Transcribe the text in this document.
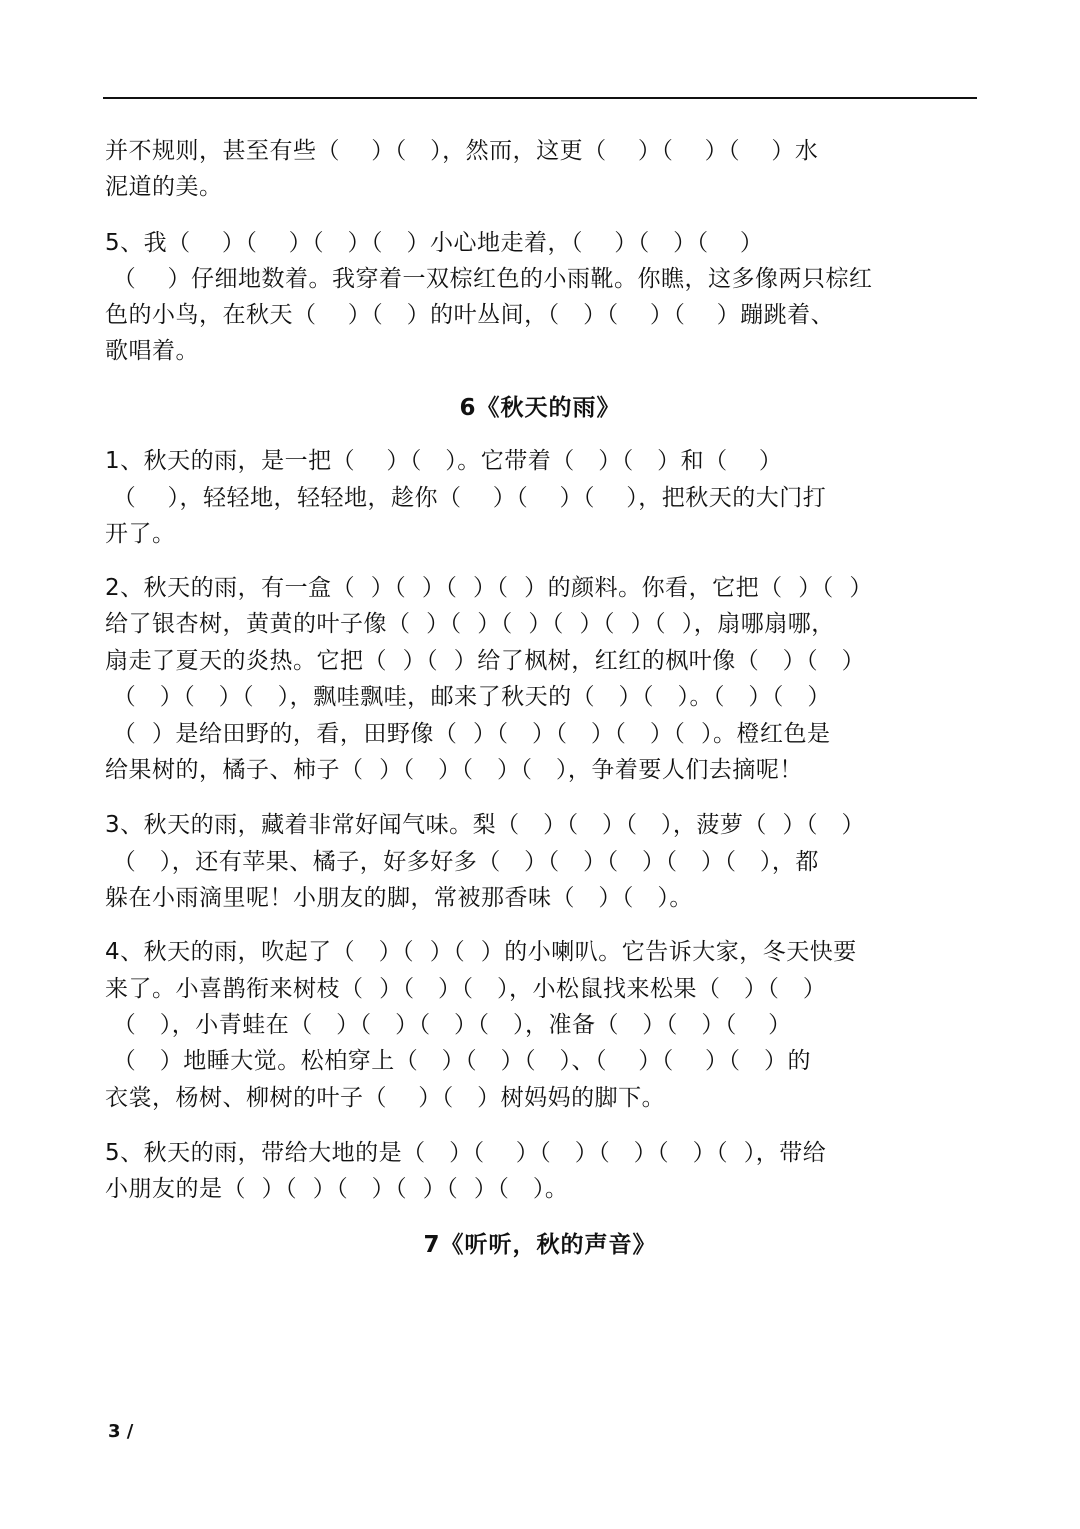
并不规则，甚至有些（    ）（   ），然而，这更（    ）（    ）（    ）水
泥道的美。
5、我（    ）（    ）（   ）（   ）小心地走着，（    ）（   ）（    ）
（    ）仔细地数着。我穿着一双棕红色的小雨靴。你瞧，这多像两只棕红
色的小鸟，在秋天（    ）（   ）的叶丛间，（   ）（    ）（    ）蹦跳着、
歌唱着。
6《秋天的雨》
1、秋天的雨，是一把（    ）（   ）。它带着（   ）（   ）和（    ）
（    ），轻轻地，轻轻地，趁你（    ）（    ）（    ），把秋天的大门打
开了。
2、秋天的雨，有一盒（  ）（  ）（  ）（  ）的颜料。你看，它把（  ）（  ）
给了银杏树，黄黄的叶子像（  ）（  ）（  ）（  ）（  ）（  ），扇哪扇哪，
扇走了夏天的炎热。它把（  ）（  ）给了枫树，红红的枫叶像（   ）（   ）
（   ）（   ）（   ），飘哇飘哇，邮来了秋天的（   ）（   ）。（   ）（   ）
（  ）是给田野的，看，田野像（  ）（   ）（   ）（   ）（  ）。橙红色是
给果树的，橘子、柿子（  ）（   ）（   ）（   ），争着要人们去摘呢！
3、秋天的雨，藏着非常好闻气味。梨（   ）（   ）（   ），菠萝（  ）（   ）
（   ），还有苹果、橘子，好多好多（   ）（   ）（   ）（   ）（   ），都
躲在小雨滴里呢！小朋友的脚，常被那香味（   ）（   ）。
4、秋天的雨，吹起了（   ）（  ）（  ）的小喇叭。它告诉大家，冬天快要
来了。小喜鹊衔来树枝（  ）（   ）（   ），小松鼠找来松果（   ）（   ）
（   ），小青蛙在（   ）（   ）（   ）（   ），准备（   ）（   ）（    ）
（   ）地睡大觉。松柏穿上（   ）（   ）（   ）、（    ）（    ）（   ）的
衣裳，杨树、柳树的叶子（    ）（   ）树妈妈的脚下。
5、秋天的雨，带给大地的是（   ）（    ）（   ）（   ）（   ）（  ），带给
小朋友的是（  ）（  ）（   ）（  ）（  ）（   ）。
7《听听，秋的声音》
3 /
